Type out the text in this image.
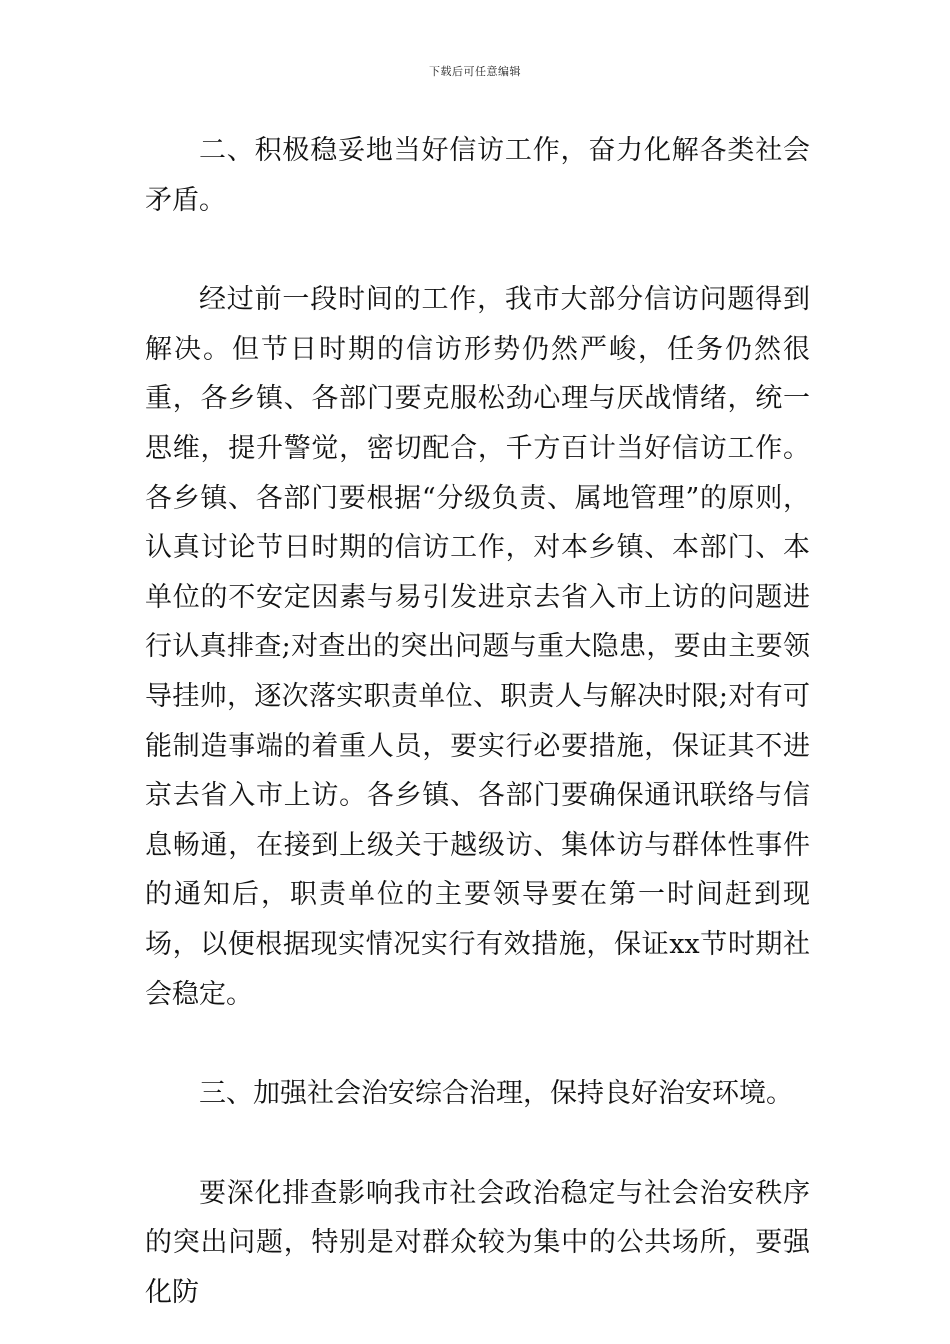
下载后可任意编辑

二、积极稳妥地当好信访工作，奋力化解各类社会矛盾。

经过前一段时间的工作，我市大部分信访问题得到解决。但节日时期的信访形势仍然严峻，任务仍然很重，各乡镇、各部门要克服松劲心理与厌战情绪，统一思维，提升警觉，密切配合，千方百计当好信访工作。各乡镇、各部门要根据“分级负责、属地管理”的原则，认真讨论节日时期的信访工作，对本乡镇、本部门、本单位的不安定因素与易引发进京去省入市上访的问题进行认真排查;对查出的突出问题与重大隐患，要由主要领导挂帅，逐次落实职责单位、职责人与解决时限;对有可能制造事端的着重人员，要实行必要措施，保证其不进京去省入市上访。各乡镇、各部门要确保通讯联络与信息畅通，在接到上级关于越级访、集体访与群体性事件的通知后，职责单位的主要领导要在第一时间赶到现场，以便根据现实情况实行有效措施，保证xx节时期社会稳定。

三、加强社会治安综合治理，保持良好治安环境。

要深化排查影响我市社会政治稳定与社会治安秩序的突出问题，特别是对群众较为集中的公共场所，要强化防
